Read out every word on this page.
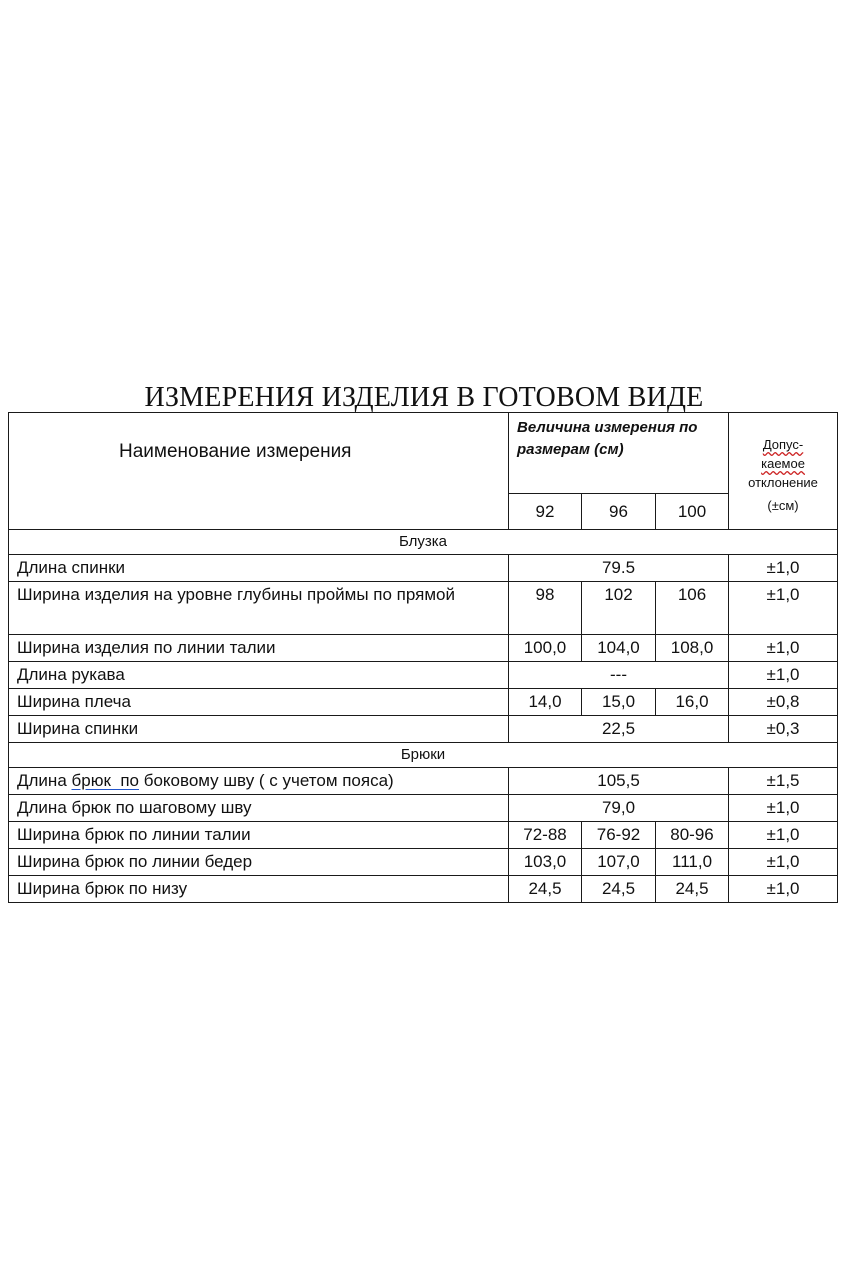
ИЗМЕРЕНИЯ ИЗДЕЛИЯ В ГОТОВОМ ВИДЕ
Наименование измерения	Величина измерения по размерам (см)			Допус-
каемое
отклонение
(±см)

	92	96	100	
Блузка				
Длина спинки	79.5			±1,0
Ширина изделия на уровне глубины проймы по прямой	98	102	106	±1,0
Ширина изделия по линии талии	100,0	104,0	108,0	±1,0
Длина рукава	---			±1,0
Ширина плеча	14,0	15,0	16,0	±0,8
Ширина спинки	22,5			±0,3
Брюки				
Длина брюк  по боковому шву ( с учетом пояса)	105,5			±1,5
Длина брюк по шаговому шву	79,0			±1,0
Ширина брюк по линии талии	72-88	76-92	80-96	±1,0
Ширина брюк по линии бедер	103,0	107,0	111,0	±1,0
Ширина брюк по низу	24,5	24,5	24,5	±1,0
